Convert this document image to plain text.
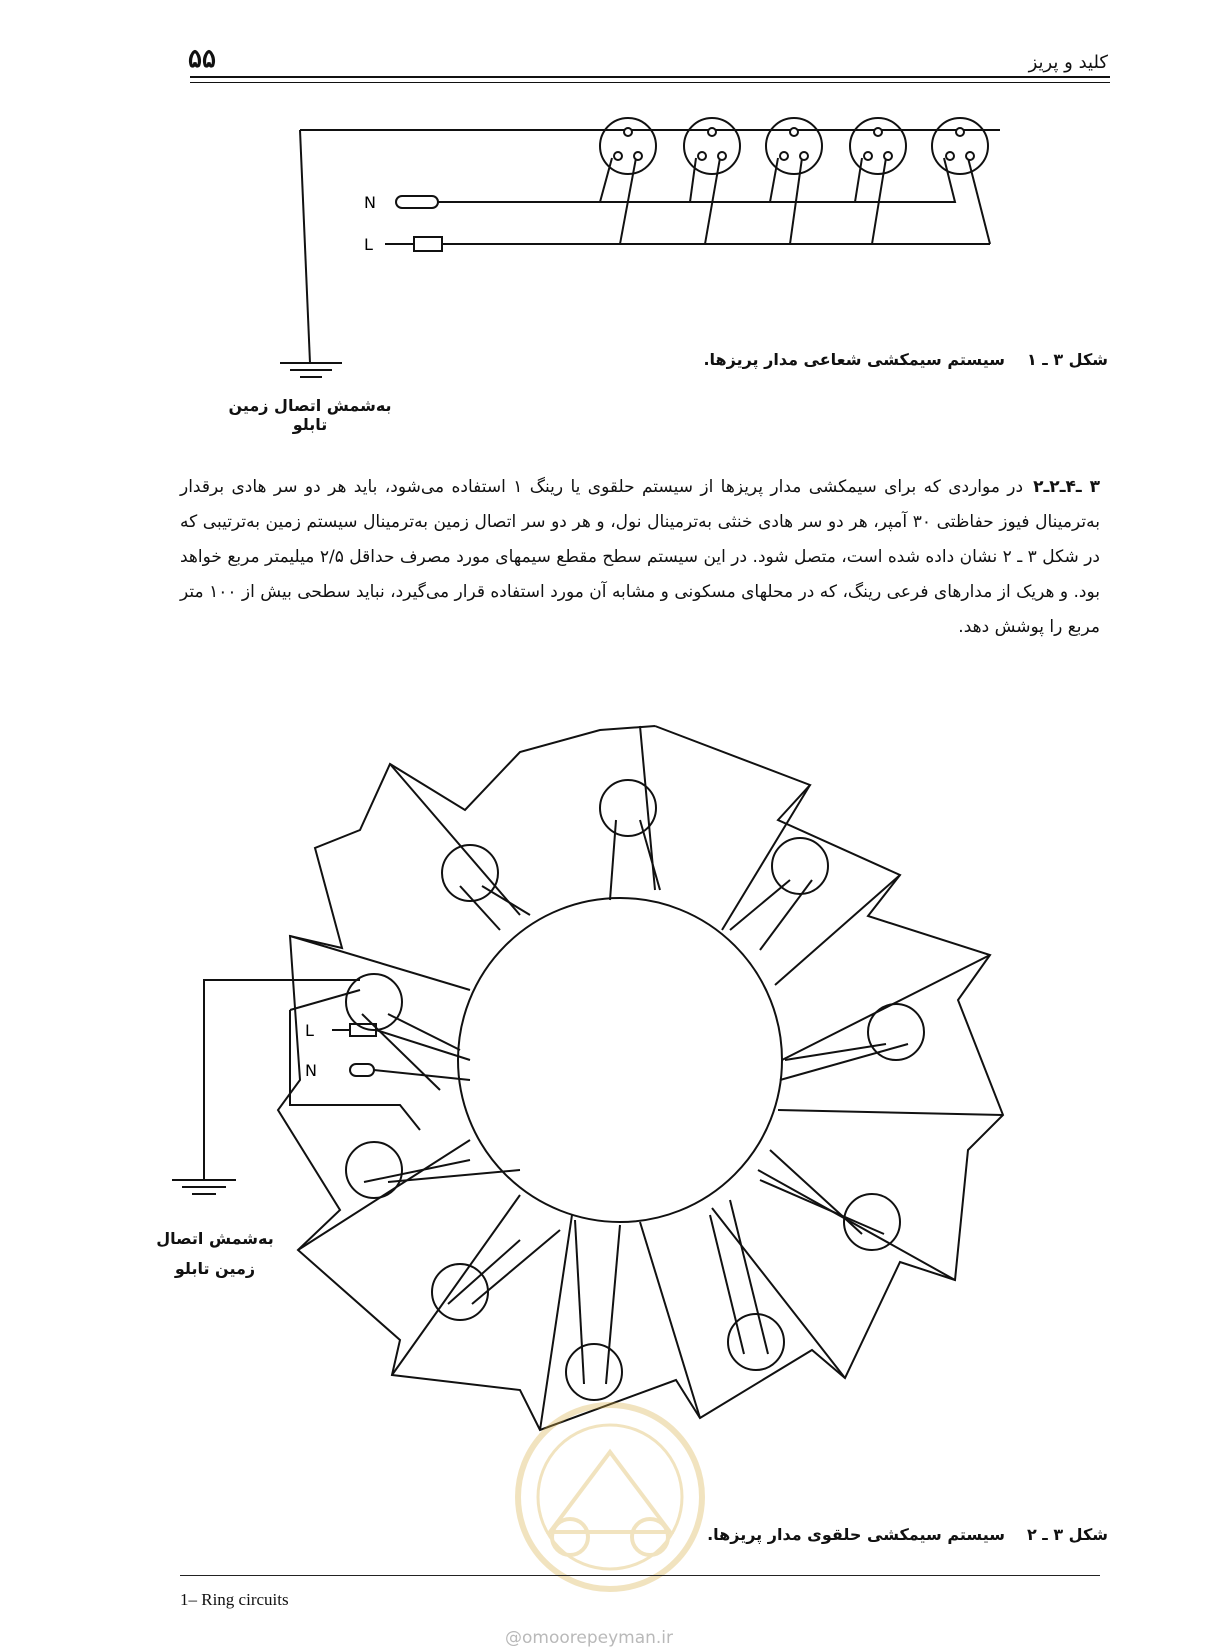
۵۵	کلید و پریز
N
L
به‌شمش اتصال زمین تابلو
شکل ۳ ـ ۱سیستم سیمکشی شعاعی مدار پریزها.

۳ ـ۴ـ۲ـ۲در مواردی که برای سیمکشی مدار پریزها از سیستم حلقوی یا رینگ ۱ استفاده می‌شود، باید هر دو سر هادی برقدار به‌ترمینال فیوز حفاظتی ۳۰ آمپر، هر دو سر هادی خنثی به‌ترمینال نول، و هر دو سر اتصال زمین به‌ترمینال سیستم زمین به‌ترتیبی که در شکل ۳ ـ ۲ نشان داده شده است، متصل شود. در این سیستم سطح مقطع سیمهای مورد مصرف حداقل ۲/۵ میلیمتر مربع خواهد بود. و هریک از مدارهای فرعی رینگ، که در محلهای مسکونی و مشابه آن مورد استفاده قرار می‌گیرد، نباید سطحی بیش از ۱۰۰ متر مربع را پوشش دهد.

L
N
به‌شمش اتصال
زمین تابلو
شکل ۳ ـ ۲سیستم سیمکشی حلقوی مدار پریزها.
1– Ring circuits
@omoorepeyman.ir
